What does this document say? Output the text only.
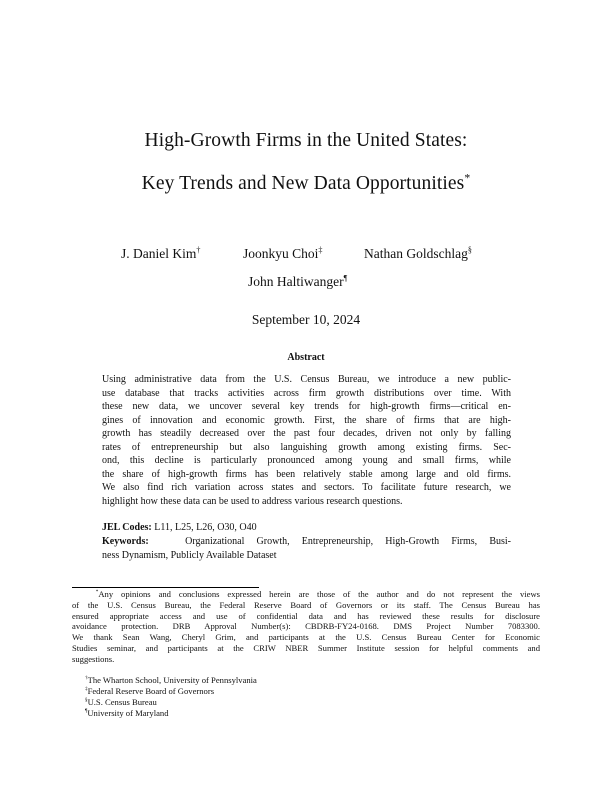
High-Growth Firms in the United States:
Key Trends and New Data Opportunities*
J. Daniel Kim†	Joonkyu Choi‡	Nathan Goldschlag§
John Haltiwanger¶
September 10, 2024
Abstract
Using administrative data from the U.S. Census Bureau, we introduce a new public-
use database that tracks activities across firm growth distributions over time. With
these new data, we uncover several key trends for high-growth firms—critical en-
gines of innovation and economic growth. First, the share of firms that are high-
growth has steadily decreased over the past four decades, driven not only by falling
rates of entrepreneurship but also languishing growth among existing firms. Sec-
ond, this decline is particularly pronounced among young and small firms, while
the share of high-growth firms has been relatively stable among large and old firms.
We also find rich variation across states and sectors. To facilitate future research, we
highlight how these data can be used to address various research questions.
JEL Codes: L11, L25, L26, O30, O40
Keywords:	Organizational Growth, Entrepreneurship, High-Growth Firms, Busi-
ness Dynamism, Publicly Available Dataset
*Any opinions and conclusions expressed herein are those of the author and do not represent the views
of the U.S. Census Bureau, the Federal Reserve Board of Governors or its staff. The Census Bureau has
ensured appropriate access and use of confidential data and has reviewed these results for disclosure
avoidance protection. DRB Approval Number(s): CBDRB-FY24-0168. DMS Project Number 7083300.
We thank Sean Wang, Cheryl Grim, and participants at the U.S. Census Bureau Center for Economic
Studies seminar, and participants at the CRIW NBER Summer Institute session for helpful comments and
suggestions.
†The Wharton School, University of Pennsylvania
‡Federal Reserve Board of Governors
§U.S. Census Bureau
¶University of Maryland
